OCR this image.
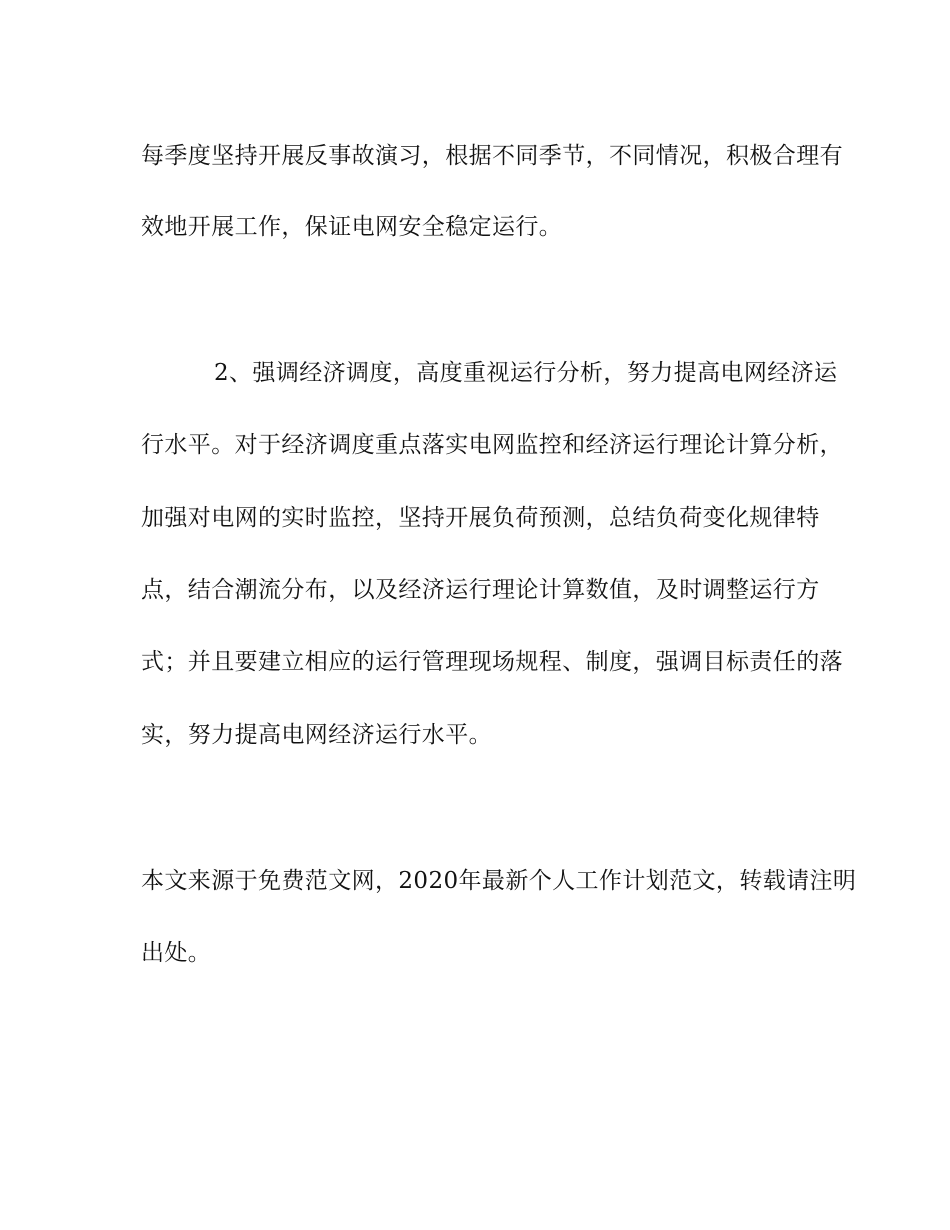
每季度坚持开展反事故演习，根据不同季节，不同情况，积极合理有
效地开展工作，保证电网安全稳定运行。
2、强调经济调度，高度重视运行分析，努力提高电网经济运
行水平。对于经济调度重点落实电网监控和经济运行理论计算分析，
加强对电网的实时监控，坚持开展负荷预测，总结负荷变化规律特
点，结合潮流分布，以及经济运行理论计算数值，及时调整运行方
式；并且要建立相应的运行管理现场规程、制度，强调目标责任的落
实，努力提高电网经济运行水平。
本文来源于免费范文网，2020年最新个人工作计划范文，转载请注明
出处。
